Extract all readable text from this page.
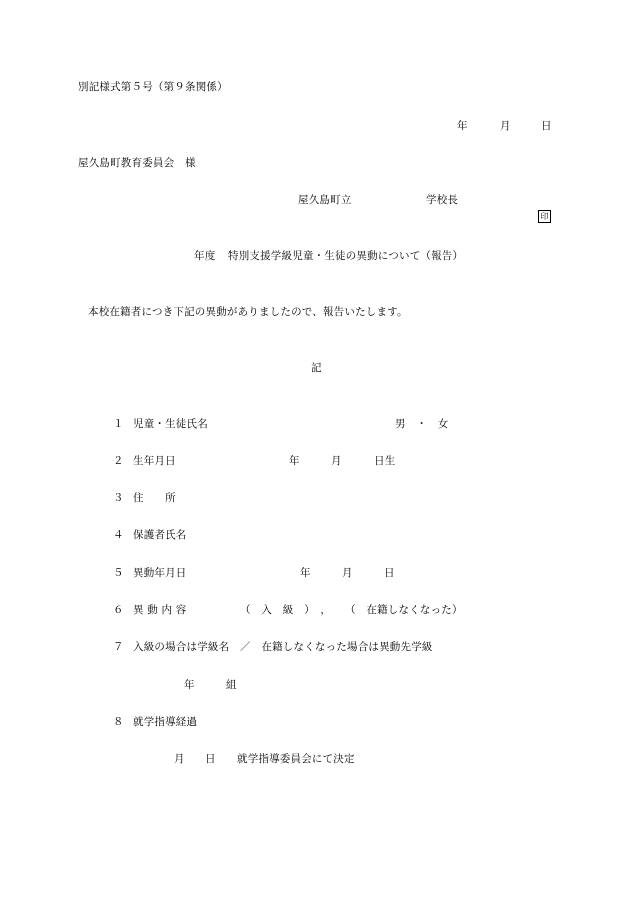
別記様式第５号（第９条関係）
年	月	日
屋久島町教育委員会　様
屋久島町立	学校長
印
年度 特別支援学級児童・生徒の異動について（報告）
本校在籍者につき下記の異動がありましたので、報告いたします。
記
１ 児童・生徒氏名	男　・　女
２ 生年月日	年	月	日生
３ 住　　所
４ 保護者氏名
５ 異動年月日	年	月	日
６ 異 動 内 容	（　入　級　）　， （　在籍しなくなった）
７ 入級の場合は学級名　／　在籍しなくなった場合は異動先学級
年	組
８ 就学指導経過
月 日 就学指導委員会にて決定
